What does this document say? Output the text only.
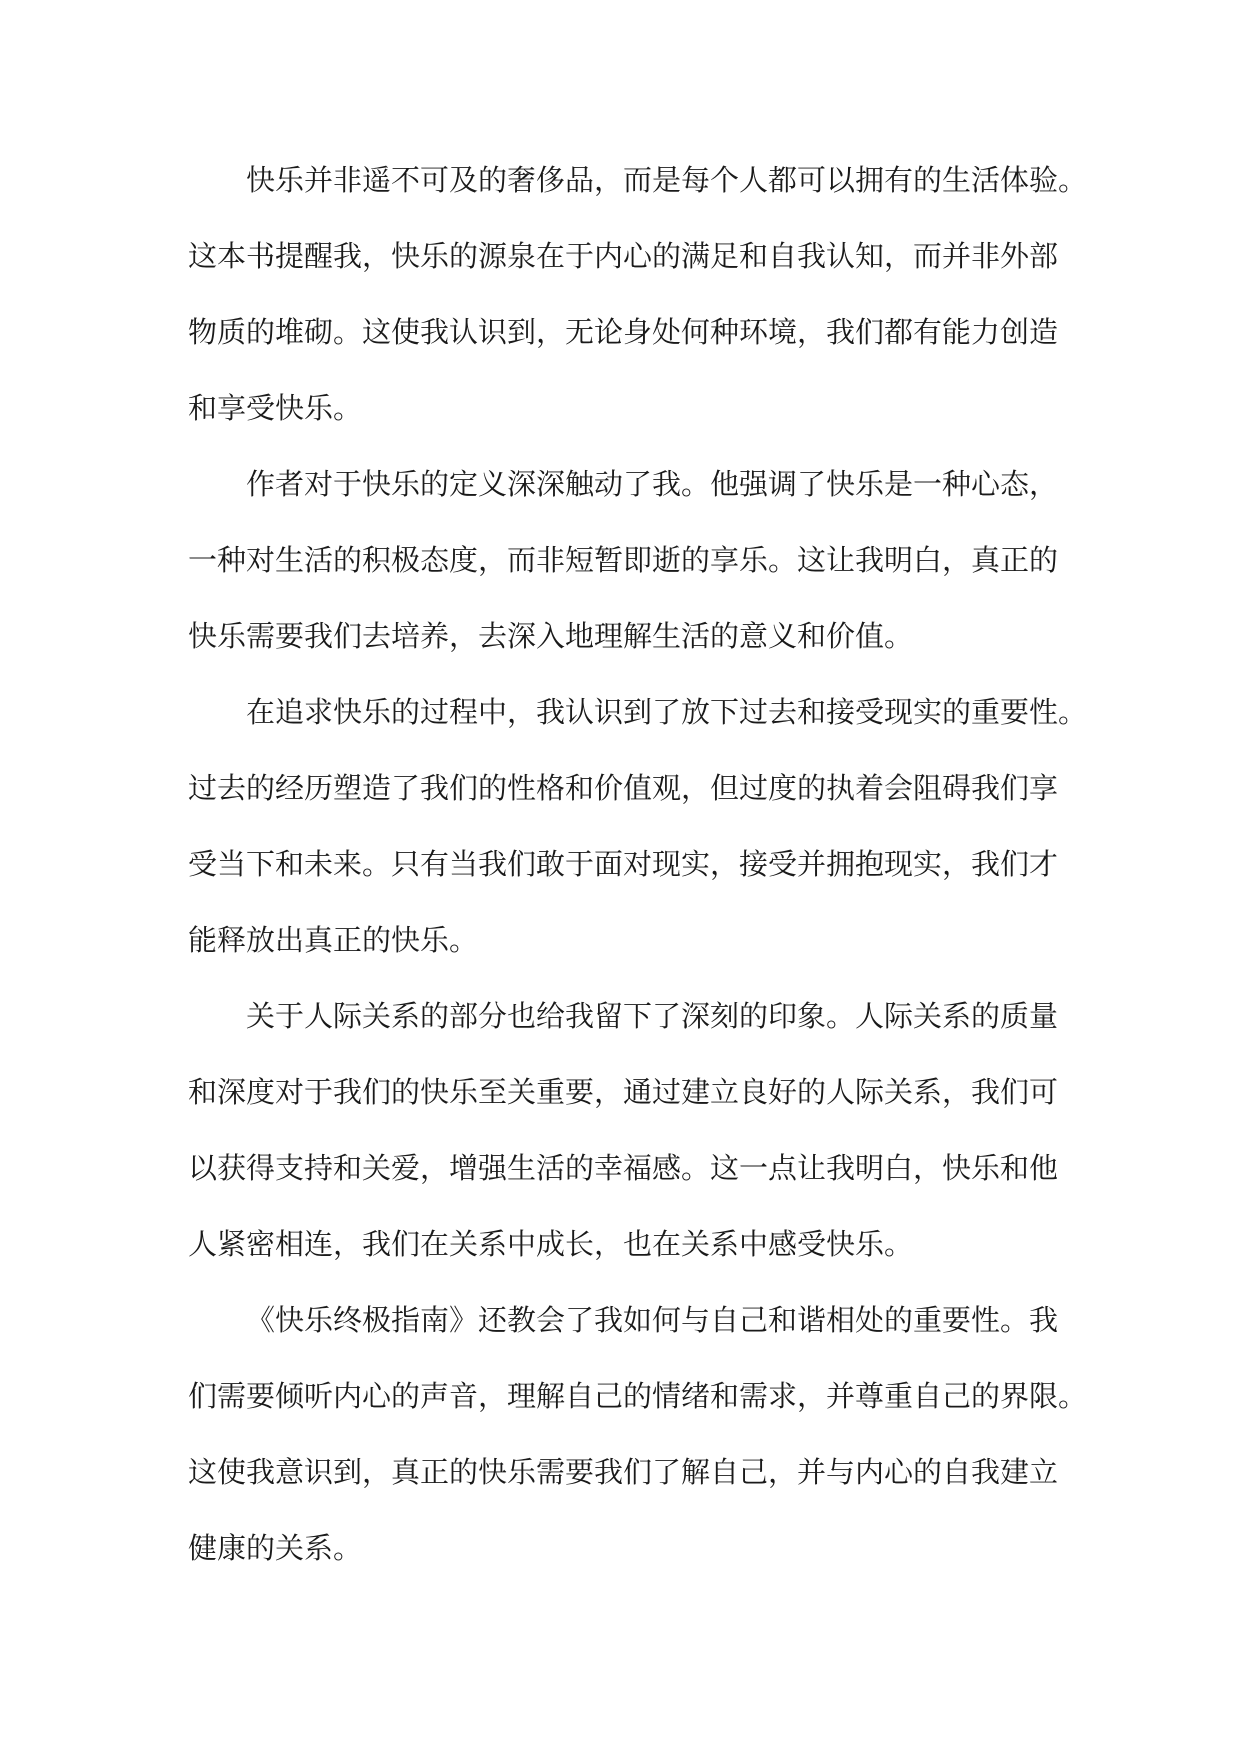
快乐并非遥不可及的奢侈品，而是每个人都可以拥有的生活体验。
这本书提醒我，快乐的源泉在于内心的满足和自我认知，而并非外部
物质的堆砌。这使我认识到，无论身处何种环境，我们都有能力创造
和享受快乐。
作者对于快乐的定义深深触动了我。他强调了快乐是一种心态，
一种对生活的积极态度，而非短暂即逝的享乐。这让我明白，真正的
快乐需要我们去培养，去深入地理解生活的意义和价值。
在追求快乐的过程中，我认识到了放下过去和接受现实的重要性。
过去的经历塑造了我们的性格和价值观，但过度的执着会阻碍我们享
受当下和未来。只有当我们敢于面对现实，接受并拥抱现实，我们才
能释放出真正的快乐。
关于人际关系的部分也给我留下了深刻的印象。人际关系的质量
和深度对于我们的快乐至关重要，通过建立良好的人际关系，我们可
以获得支持和关爱，增强生活的幸福感。这一点让我明白，快乐和他
人紧密相连，我们在关系中成长，也在关系中感受快乐。
《快乐终极指南》还教会了我如何与自己和谐相处的重要性。我
们需要倾听内心的声音，理解自己的情绪和需求，并尊重自己的界限。
这使我意识到，真正的快乐需要我们了解自己，并与内心的自我建立
健康的关系。
